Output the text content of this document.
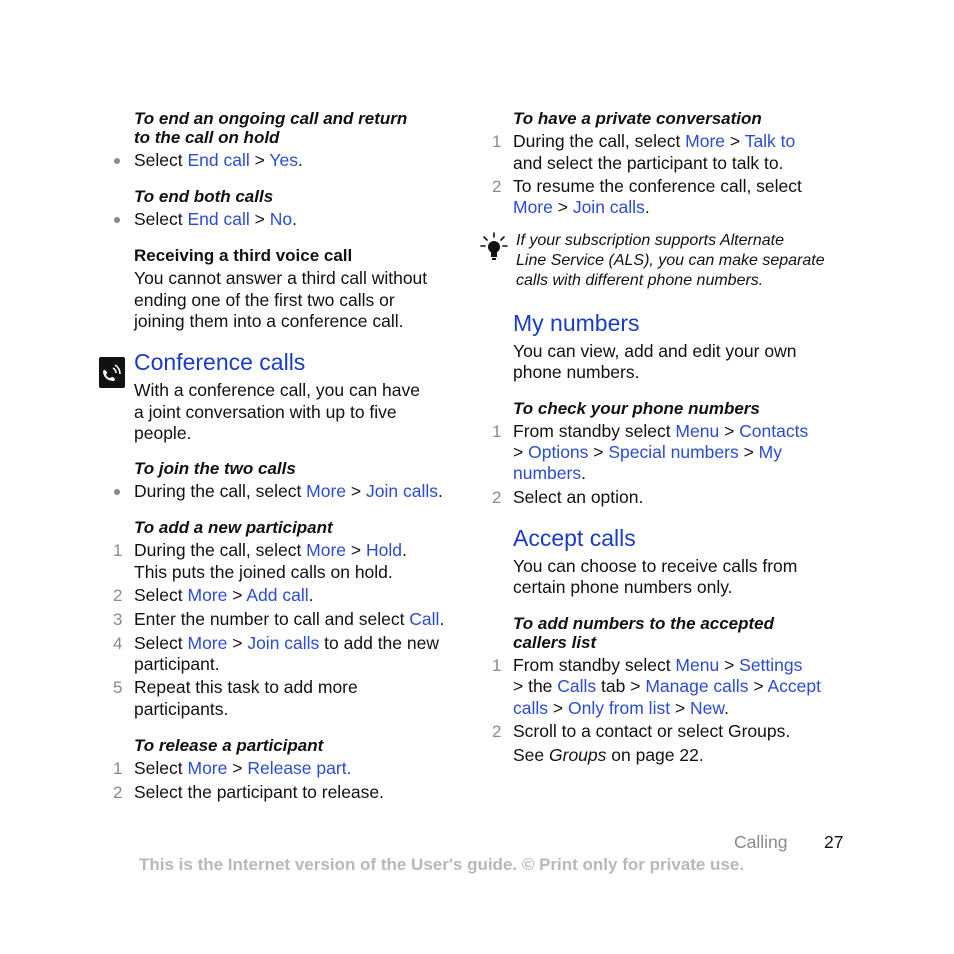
To end an ongoing call and return
to the call on hold
Select End call > Yes.
To end both calls
Select End call > No.
Receiving a third voice call
You cannot answer a third call without
ending one of the first two calls or
joining them into a conference call.
Conference calls
With a conference call, you can have
a joint conversation with up to five
people.
To join the two calls
During the call, select More > Join calls.
To add a new participant
1 During the call, select More > Hold.
This puts the joined calls on hold.
2 Select More > Add call.
3 Enter the number to call and select Call.
4 Select More > Join calls to add the new
participant.
5 Repeat this task to add more
participants.
To release a participant
1 Select More > Release part.
2 Select the participant to release.
To have a private conversation
1 During the call, select More > Talk to
and select the participant to talk to.
2 To resume the conference call, select
More > Join calls.
If your subscription supports Alternate
Line Service (ALS), you can make separate
calls with different phone numbers.
My numbers
You can view, add and edit your own
phone numbers.
To check your phone numbers
1 From standby select Menu > Contacts
> Options > Special numbers > My
numbers.
2 Select an option.
Accept calls
You can choose to receive calls from
certain phone numbers only.
To add numbers to the accepted
callers list
1 From standby select Menu > Settings
> the Calls tab > Manage calls > Accept
calls > Only from list > New.
2 Scroll to a contact or select Groups.
See Groups on page 22.
Calling 27
This is the Internet version of the User's guide. © Print only for private use.
